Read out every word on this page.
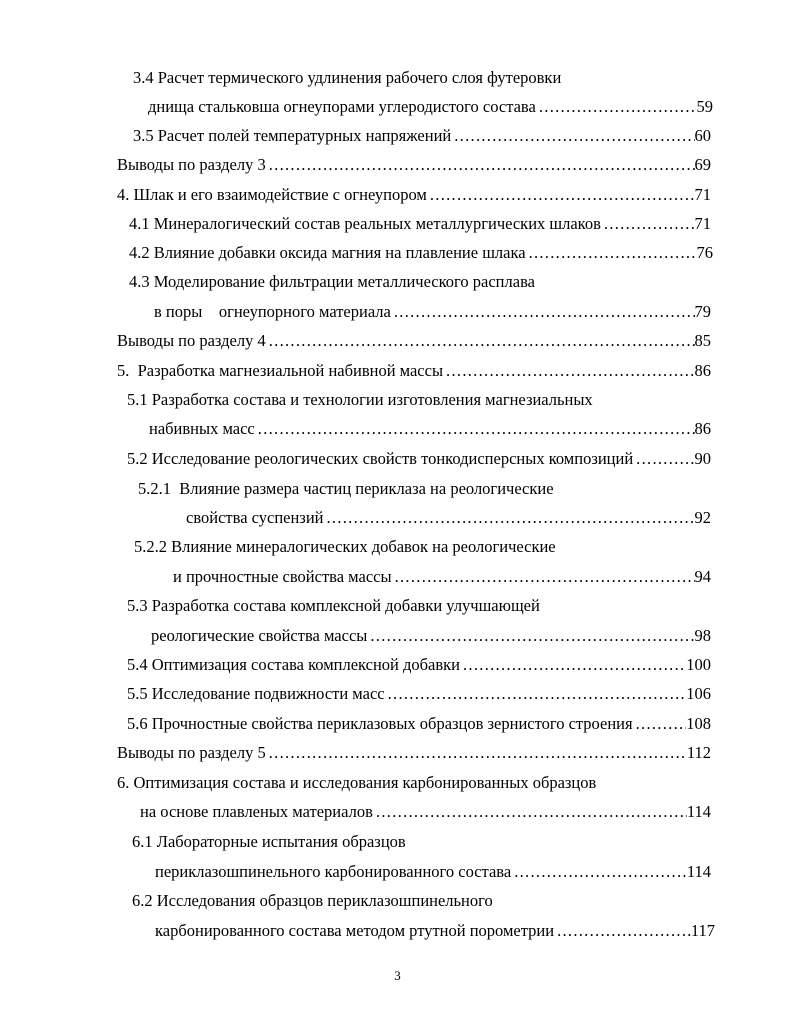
3.4 Расчет термического удлинения рабочего слоя футеровки
днища стальковша огнеупорами углеродистого состава .....	59
3.5 Расчет полей температурных напряжений .....	60
Выводы по разделу 3 .....	69
4. Шлак и его взаимодействие с огнеупором .....	71
4.1 Минералогический состав реальных металлургических шлаков .....	71
4.2 Влияние добавки оксида магния на плавление шлака .....	76
4.3 Моделирование фильтрации металлического расплава
в поры    огнеупорного материала .....	79
Выводы по разделу 4 .....	85
5.  Разработка магнезиальной набивной массы .....	86
5.1 Разработка состава и технологии изготовления магнезиальных
набивных масс .....	86
5.2 Исследование реологических свойств тонкодисперсных композиций .....	90
5.2.1  Влияние размера частиц периклаза на реологические
свойства суспензий .....	92
5.2.2 Влияние минералогических добавок на реологические
и прочностные свойства массы .....	94
5.3 Разработка состава комплексной добавки улучшающей
реологические свойства массы .....	98
5.4 Оптимизация состава комплексной добавки .....	100
5.5 Исследование подвижности масс .....	106
5.6 Прочностные свойства периклазовых образцов зернистого строения .....	108
Выводы по разделу 5 .....	112
6. Оптимизация состава и исследования карбонированных образцов
на основе плавленых материалов .....	114
6.1 Лабораторные испытания образцов
периклазошпинельного карбонированного состава .....	114
6.2 Исследования образцов периклазошпинельного
карбонированного состава методом ртутной порометрии .....	117
3
